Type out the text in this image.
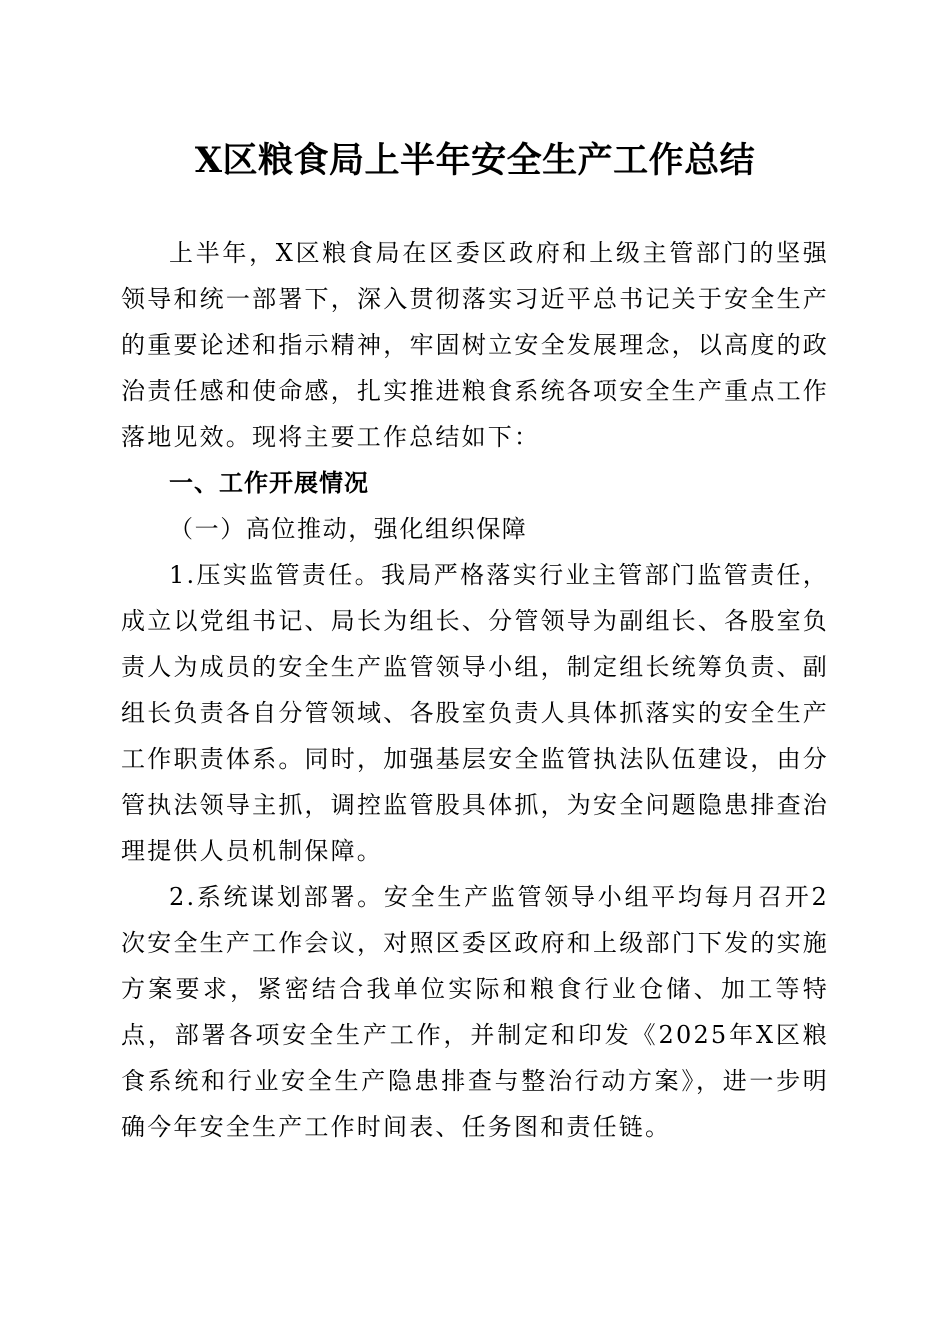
X区粮食局上半年安全生产工作总结

上半年，X区粮食局在区委区政府和上级主管部门的坚强领导和统一部署下，深入贯彻落实习近平总书记关于安全生产的重要论述和指示精神，牢固树立安全发展理念，以高度的政治责任感和使命感，扎实推进粮食系统各项安全生产重点工作落地见效。现将主要工作总结如下：

一、工作开展情况

（一）高位推动，强化组织保障

1.压实监管责任。我局严格落实行业主管部门监管责任，成立以党组书记、局长为组长、分管领导为副组长、各股室负责人为成员的安全生产监管领导小组，制定组长统筹负责、副组长负责各自分管领域、各股室负责人具体抓落实的安全生产工作职责体系。同时，加强基层安全监管执法队伍建设，由分管执法领导主抓，调控监管股具体抓，为安全问题隐患排查治理提供人员机制保障。

2.系统谋划部署。安全生产监管领导小组平均每月召开2次安全生产工作会议，对照区委区政府和上级部门下发的实施方案要求，紧密结合我单位实际和粮食行业仓储、加工等特点，部署各项安全生产工作，并制定和印发《2025年X区粮食系统和行业安全生产隐患排查与整治行动方案》，进一步明确今年安全生产工作时间表、任务图和责任链。
